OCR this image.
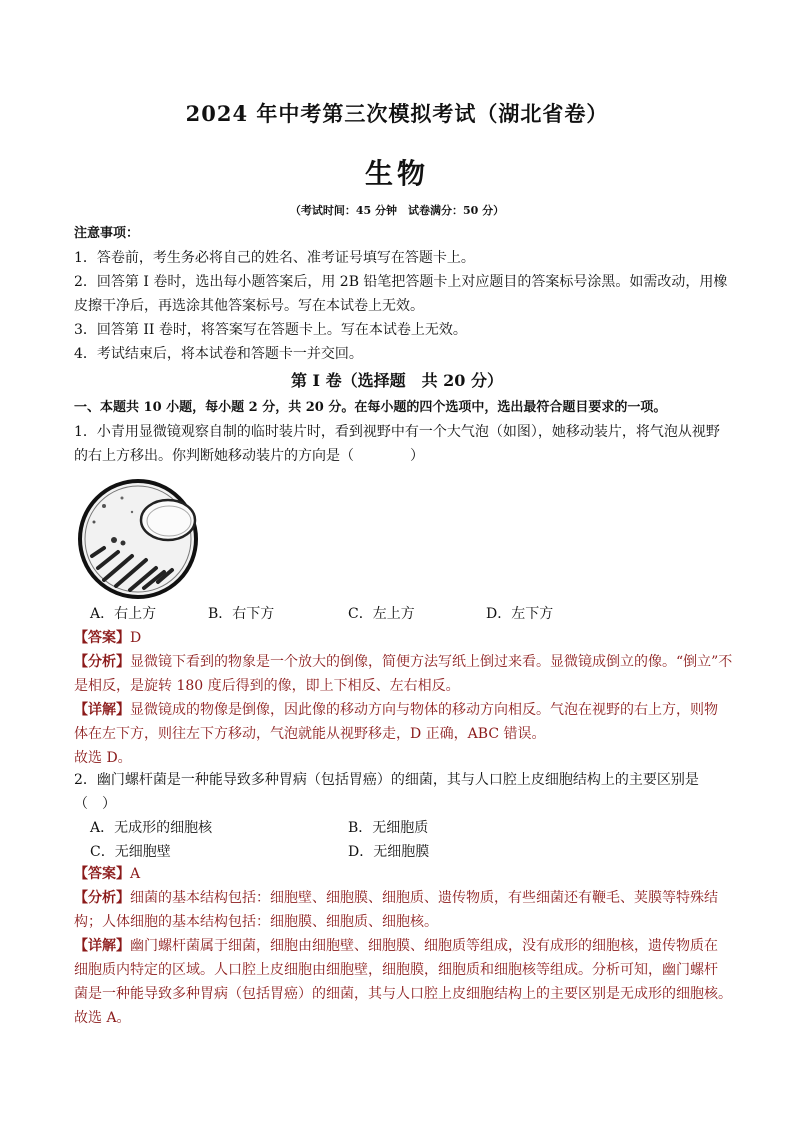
2024 年中考第三次模拟考试（湖北省卷）
生物
（考试时间：45 分钟　试卷满分：50 分）
注意事项：
1．答卷前，考生务必将自己的姓名、准考证号填写在答题卡上。
2．回答第 I 卷时，选出每小题答案后，用 2B 铅笔把答题卡上对应题目的答案标号涂黑。如需改动，用橡
皮擦干净后，再选涂其他答案标号。写在本试卷上无效。
3．回答第 II 卷时，将答案写在答题卡上。写在本试卷上无效。
4．考试结束后，将本试卷和答题卡一并交回。
第 I 卷（选择题　共 20 分）
一、本题共 10 小题，每小题 2 分，共 20 分。在每小题的四个选项中，选出最符合题目要求的一项。
1．小青用显微镜观察自制的临时装片时，看到视野中有一个大气泡（如图），她移动装片，将气泡从视野
的右上方移出。你判断她移动装片的方向是（　　　　）
A．右上方	B．右下方	C．左上方	D．左下方
【答案】D
【分析】显微镜下看到的物象是一个放大的倒像，简便方法写纸上倒过来看。显微镜成倒立的像。“倒立”不
是相反，是旋转 180 度后得到的像，即上下相反、左右相反。
【详解】显微镜成的物像是倒像，因此像的移动方向与物体的移动方向相反。气泡在视野的右上方，则物
体在左下方，则往左下方移动，气泡就能从视野移走，D 正确，ABC 错误。
故选 D。
2．幽门螺杆菌是一种能导致多种胃病（包括胃癌）的细菌，其与人口腔上皮细胞结构上的主要区别是
（　）
A．无成形的细胞核	B．无细胞质
C．无细胞壁	D．无细胞膜
【答案】A
【分析】细菌的基本结构包括：细胞壁、细胞膜、细胞质、遗传物质，有些细菌还有鞭毛、荚膜等特殊结
构；人体细胞的基本结构包括：细胞膜、细胞质、细胞核。
【详解】幽门螺杆菌属于细菌，细胞由细胞壁、细胞膜、细胞质等组成，没有成形的细胞核，遗传物质在
细胞质内特定的区域。人口腔上皮细胞由细胞壁，细胞膜，细胞质和细胞核等组成。分析可知，幽门螺杆
菌是一种能导致多种胃病（包括胃癌）的细菌，其与人口腔上皮细胞结构上的主要区别是无成形的细胞核。
故选 A。
